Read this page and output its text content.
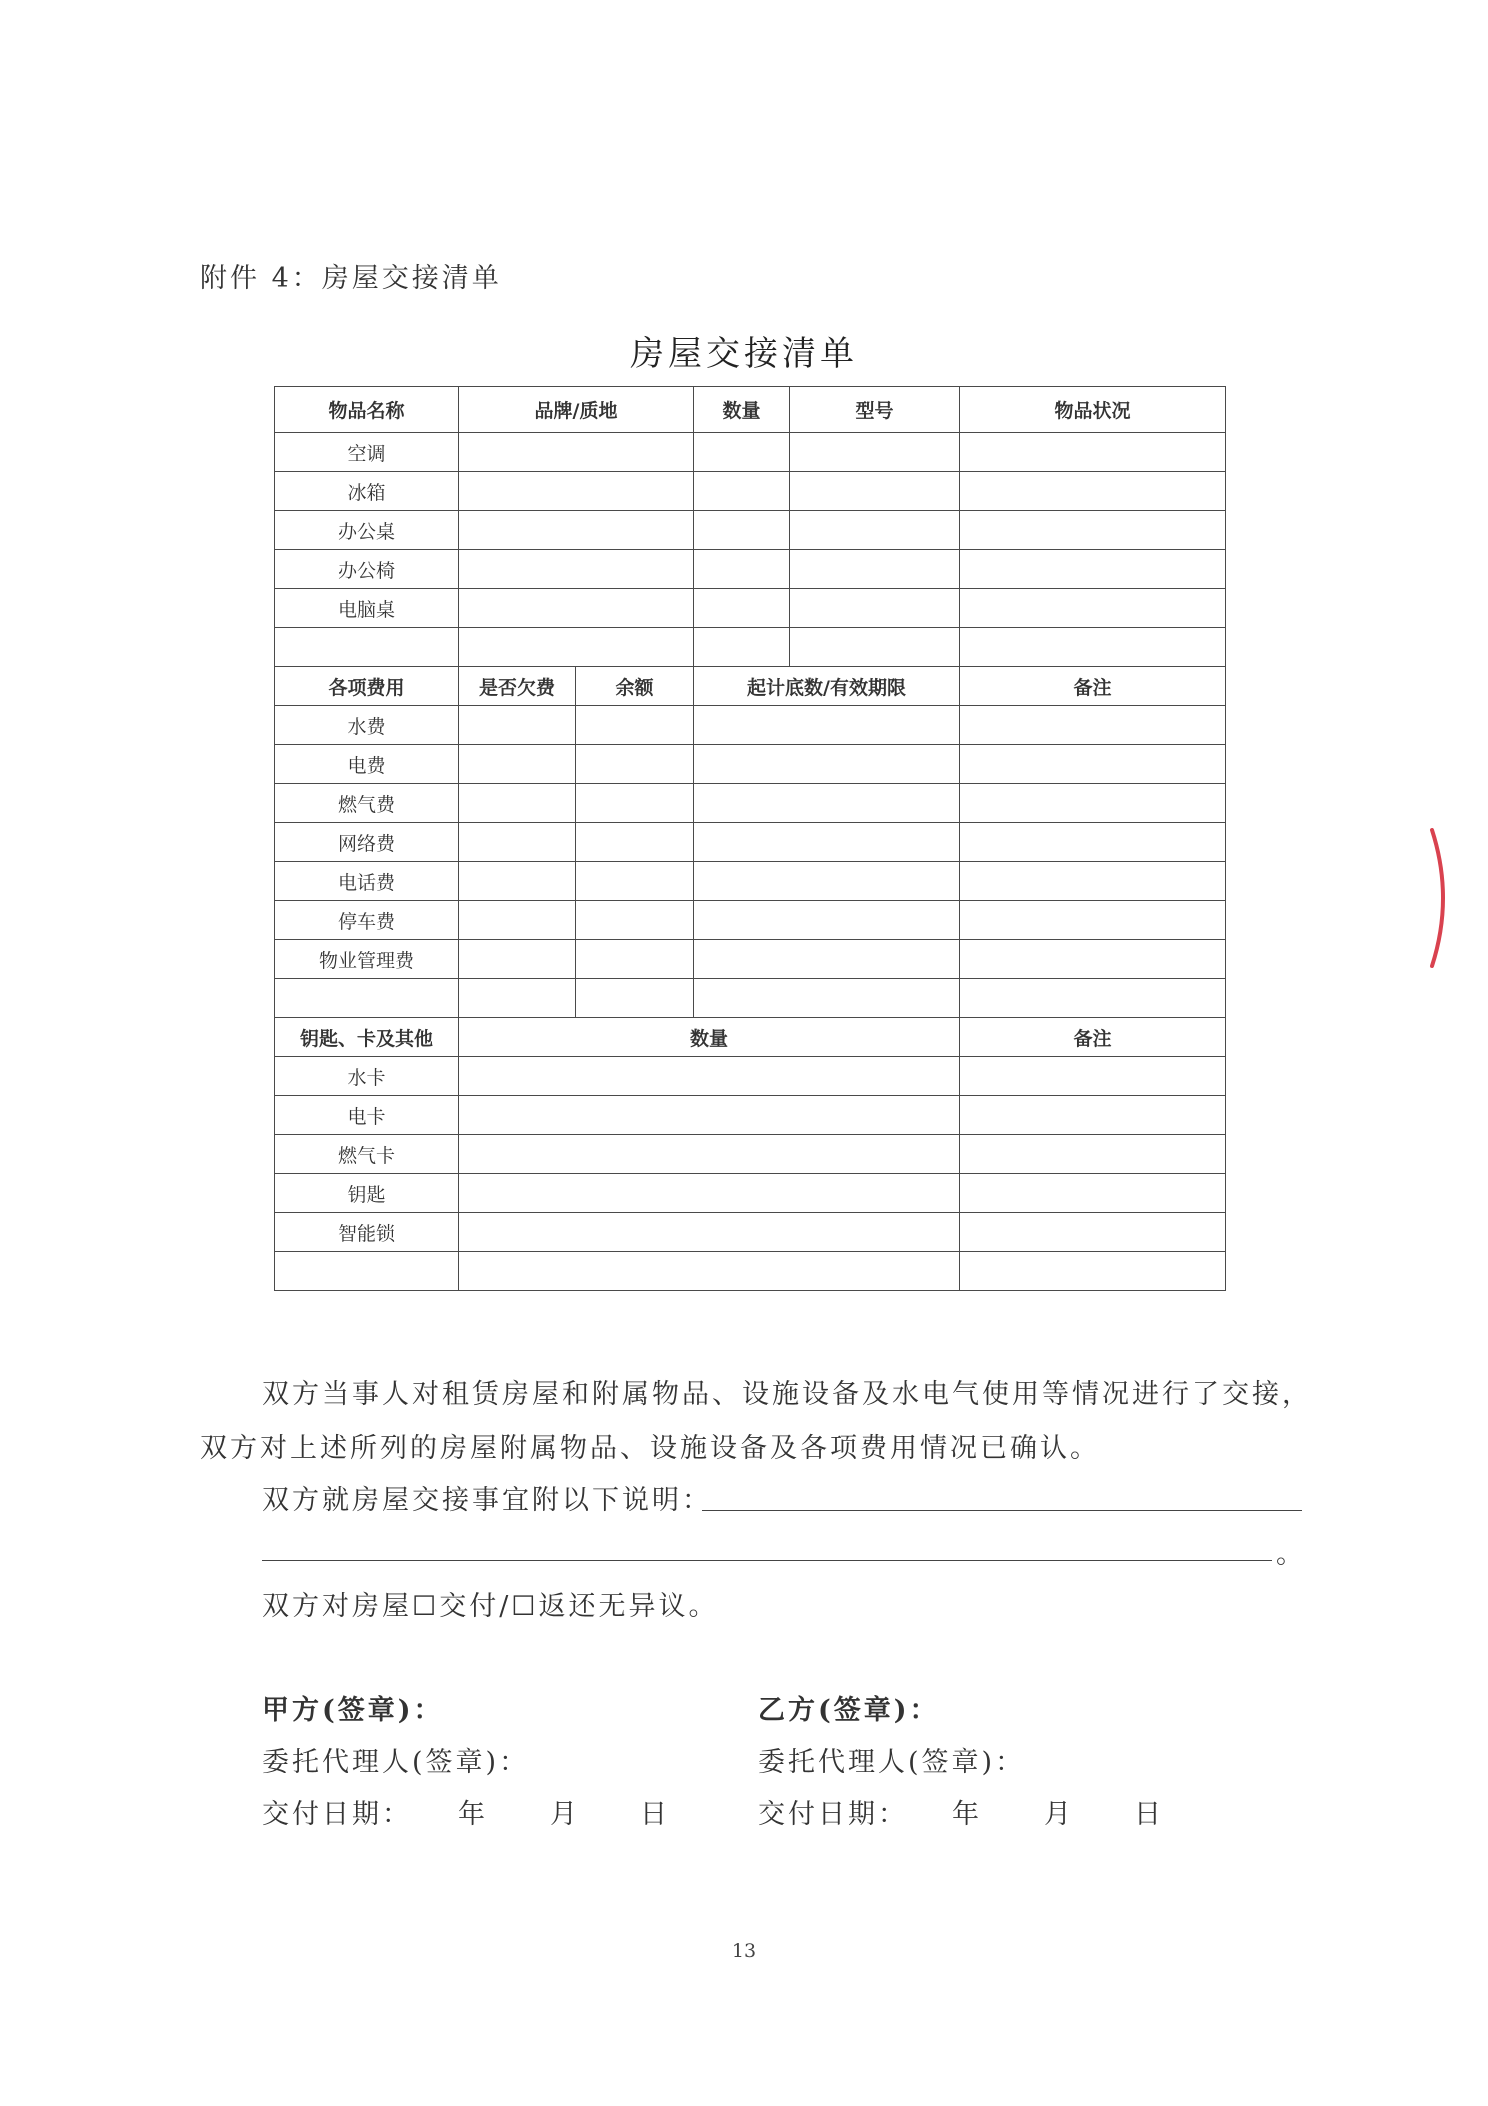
附件 4：房屋交接清单
房屋交接清单
物品名称	品牌/质地		数量	型号	物品状况
空调					
冰箱					
办公桌					
办公椅					
电脑桌					

各项费用	是否欠费	余额	起计底数/有效期限		备注
水费					
电费					
燃气费					
网络费					
电话费					
停车费					
物业管理费					

钥匙、卡及其他	数量				备注
水卡					
电卡					
燃气卡					
钥匙					
智能锁					

双方当事人对租赁房屋和附属物品、设施设备及水电气使用等情况进行了交接，
双方对上述所列的房屋附属物品、设施设备及各项费用情况已确认。
双方就房屋交接事宜附以下说明：
。
双方对房屋☐交付/☐返还无异议。
甲方(签章)：	乙方(签章)：
委托代理人(签章)：	委托代理人(签章)：
交付日期： 年 月 日	交付日期： 年 月 日
13
